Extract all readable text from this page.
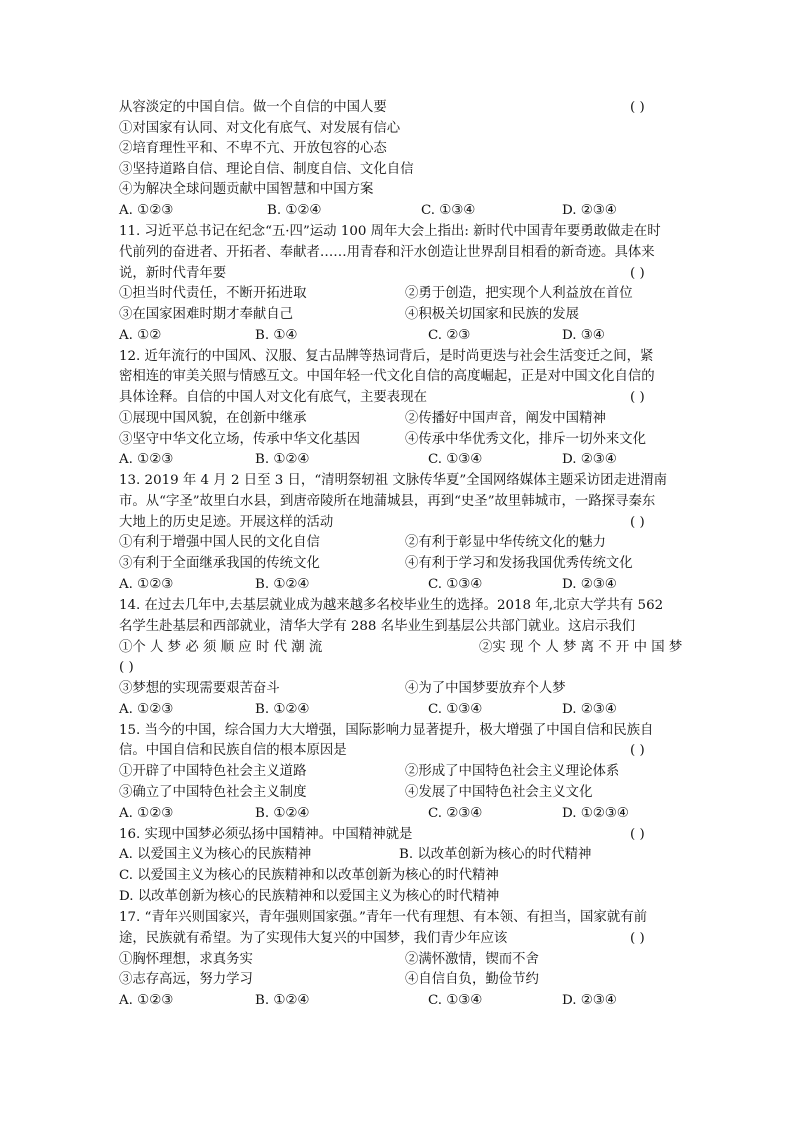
从容淡定的中国自信。做一个自信的中国人要	( )
①对国家有认同、对文化有底气、对发展有信心
②培育理性平和、不卑不亢、开放包容的心态
③坚持道路自信、理论自信、制度自信、文化自信
④为解决全球问题贡献中国智慧和中国方案
A. ①②③	B. ①②④	C. ①③④	D. ②③④
11. 习近平总书记在纪念“五·四”运动 100 周年大会上指出: 新时代中国青年要勇敢做走在时
代前列的奋进者、开拓者、奉献者……用青春和汗水创造让世界刮目相看的新奇迹。具体来
说，新时代青年要	( )
①担当时代责任，不断开拓进取	②勇于创造，把实现个人利益放在首位
③在国家困难时期才奉献自己	④积极关切国家和民族的发展
A. ①②	B. ①④	C. ②③	D. ③④
12. 近年流行的中国风、汉服、复古品牌等热词背后，是时尚更迭与社会生活变迁之间，紧
密相连的审美关照与情感互文。中国年轻一代文化自信的高度崛起，正是对中国文化自信的
具体诠释。自信的中国人对文化有底气，主要表现在	( )
①展现中国风貌，在创新中继承	②传播好中国声音，阐发中国精神
③坚守中华文化立场，传承中华文化基因	④传承中华优秀文化，排斥一切外来文化
A. ①②③	B. ①②④	C. ①③④	D. ②③④
13. 2019 年 4 月 2 日至 3 日，“清明祭轫祖 文脉传华夏”全国网络媒体主题采访团走进渭南
市。从“字圣”故里白水县，到唐帝陵所在地蒲城县，再到“史圣”故里韩城市，一路探寻秦东
大地上的历史足迹。开展这样的活动	( )
①有利于增强中国人民的文化自信	②有利于彰显中华传统文化的魅力
③有利于全面继承我国的传统文化	④有利于学习和发扬我国优秀传统文化
A. ①②③	B. ①②④	C. ①③④	D. ②③④
14. 在过去几年中,去基层就业成为越来越多名校毕业生的选择。2018 年,北京大学共有 562
名学生赴基层和西部就业，清华大学有 288 名毕业生到基层公共部门就业。这启示我们
①个 人 梦 必 须 顺 应 时 代 潮 流	②实 现 个 人 梦 离 不 开 中 国 梦
( )
③梦想的实现需要艰苦奋斗	④为了中国梦要放弃个人梦
A. ①②③	B. ①②④	C. ①③④	D. ②③④
15. 当今的中国，综合国力大大增强，国际影响力显著提升，极大增强了中国自信和民族自
信。中国自信和民族自信的根本原因是	( )
①开辟了中国特色社会主义道路	②形成了中国特色社会主义理论体系
③确立了中国特色社会主义制度	④发展了中国特色社会主义文化
A. ①②③	B. ①②④	C. ②③④	D. ①②③④
16. 实现中国梦必须弘扬中国精神。中国精神就是	( )
A. 以爱国主义为核心的民族精神	B. 以改革创新为核心的时代精神
C. 以爱国主义为核心的民族精神和以改革创新为核心的时代精神
D. 以改革创新为核心的民族精神和以爱国主义为核心的时代精神
17. “青年兴则国家兴，青年强则国家强。”青年一代有理想、有本领、有担当，国家就有前
途，民族就有希望。为了实现伟大复兴的中国梦，我们青少年应该	( )
①胸怀理想，求真务实	②满怀激情，锲而不舍
③志存高远，努力学习	④自信自负，勤俭节约
A. ①②③	B. ①②④	C. ①③④	D. ②③④
